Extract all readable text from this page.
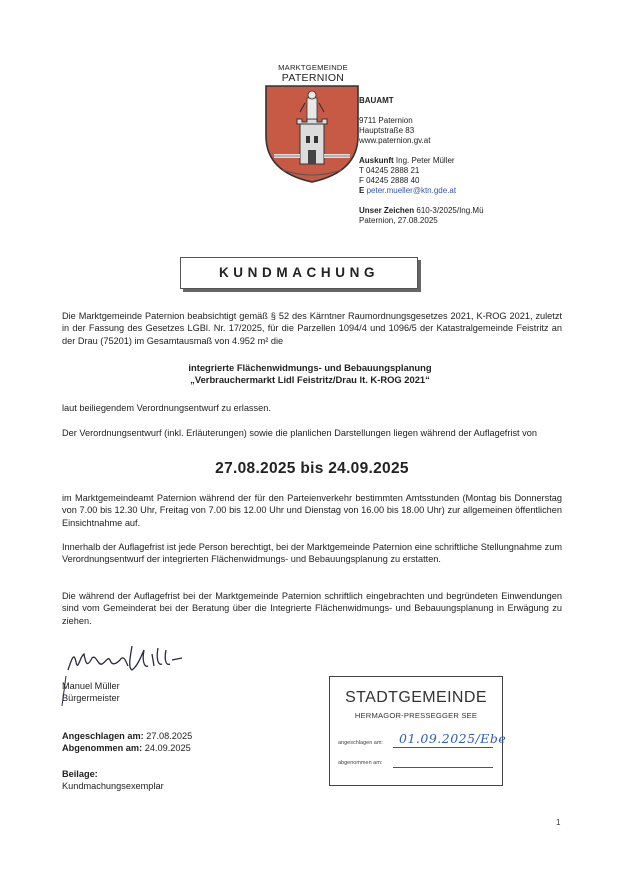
MARKTGEMEINDE
PATERNION
BAUAMT
9711 Paternion
Hauptstraße 83
www.paternion.gv.at
Auskunft Ing. Peter Müller
T 04245 2888 21
F 04245 2888 40
E peter.mueller@ktn.gde.at
Unser Zeichen 610-3/2025/Ing.Mü
Paternion, 27.08.2025
KUNDMACHUNG
Die Marktgemeinde Paternion beabsichtigt gemäß § 52 des Kärntner Raumordnungsgesetzes 2021, K-ROG 2021, zuletzt in der Fassung des Gesetzes LGBl. Nr. 17/2025, für die Parzellen 1094/4 und 1096/5 der Katastralgemeinde Feistritz an der Drau (75201) im Gesamtausmaß von 4.952 m² die
integrierte Flächenwidmungs- und Bebauungsplanung
„Verbrauchermarkt Lidl Feistritz/Drau lt. K-ROG 2021“
laut beiliegendem Verordnungsentwurf zu erlassen.
Der Verordnungsentwurf (inkl. Erläuterungen) sowie die planlichen Darstellungen liegen während der Auflagefrist von
27.08.2025 bis 24.09.2025
im Marktgemeindeamt Paternion während der für den Parteienverkehr bestimmten Amtsstunden (Montag bis Donnerstag von 7.00 bis 12.30 Uhr, Freitag von 7.00 bis 12.00 Uhr und Dienstag von 16.00 bis 18.00 Uhr) zur allgemeinen öffentlichen Einsichtnahme auf.
Innerhalb der Auflagefrist ist jede Person berechtigt, bei der Marktgemeinde Paternion eine schriftliche Stellungnahme zum Verordnungsentwurf der integrierten Flächenwidmungs- und Bebauungsplanung zu erstatten.
Die während der Auflagefrist bei der Marktgemeinde Paternion schriftlich eingebrachten und begründeten Einwendungen sind vom Gemeinderat bei der Beratung über die Integrierte Flächenwidmungs- und Bebauungsplanung in Erwägung zu ziehen.
Manuel Müller
Bürgermeister
Angeschlagen am: 27.08.2025
Abgenommen am: 24.09.2025
Beilage:
Kundmachungsexemplar
STADTGEMEINDE
HERMAGOR-PRESSEGGER SEE
angeschlagen am: 01.09.2025/Ebe
abgenommen am:
1
